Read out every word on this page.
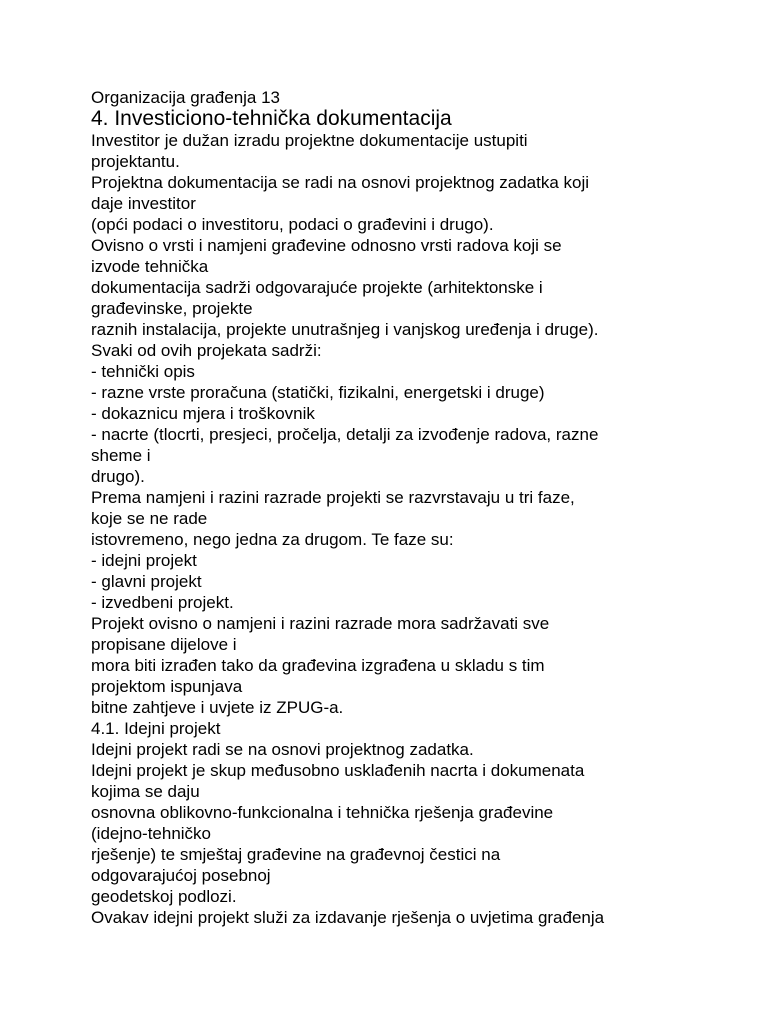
Organizacija građenja 13
4. Investiciono-tehnička dokumentacija
Investitor je dužan izradu projektne dokumentacije ustupiti
projektantu.
Projektna dokumentacija se radi na osnovi projektnog zadatka koji
daje investitor
(opći podaci o investitoru, podaci o građevini i drugo).
Ovisno o vrsti i namjeni građevine odnosno vrsti radova koji se
izvode tehnička
dokumentacija sadrži odgovarajuće projekte (arhitektonske i
građevinske, projekte
raznih instalacija, projekte unutrašnjeg i vanjskog uređenja i druge).
Svaki od ovih projekata sadrži:
- tehnički opis
- razne vrste proračuna (statički, fizikalni, energetski i druge)
- dokaznicu mjera i troškovnik
- nacrte (tlocrti, presjeci, pročelja, detalji za izvođenje radova, razne
sheme i
drugo).
Prema namjeni i razini razrade projekti se razvrstavaju u tri faze,
koje se ne rade
istovremeno, nego jedna za drugom. Te faze su:
- idejni projekt
- glavni projekt
- izvedbeni projekt.
Projekt ovisno o namjeni i razini razrade mora sadržavati sve
propisane dijelove i
mora biti izrađen tako da građevina izgrađena u skladu s tim
projektom ispunjava
bitne zahtjeve i uvjete iz ZPUG-a.
4.1. Idejni projekt
Idejni projekt radi se na osnovi projektnog zadatka.
Idejni projekt je skup međusobno usklađenih nacrta i dokumenata
kojima se daju
osnovna oblikovno-funkcionalna i tehnička rješenja građevine
(idejno-tehničko
rješenje) te smještaj građevine na građevnoj čestici na
odgovarajućoj posebnoj
geodetskoj podlozi.
Ovakav idejni projekt služi za izdavanje rješenja o uvjetima građenja
